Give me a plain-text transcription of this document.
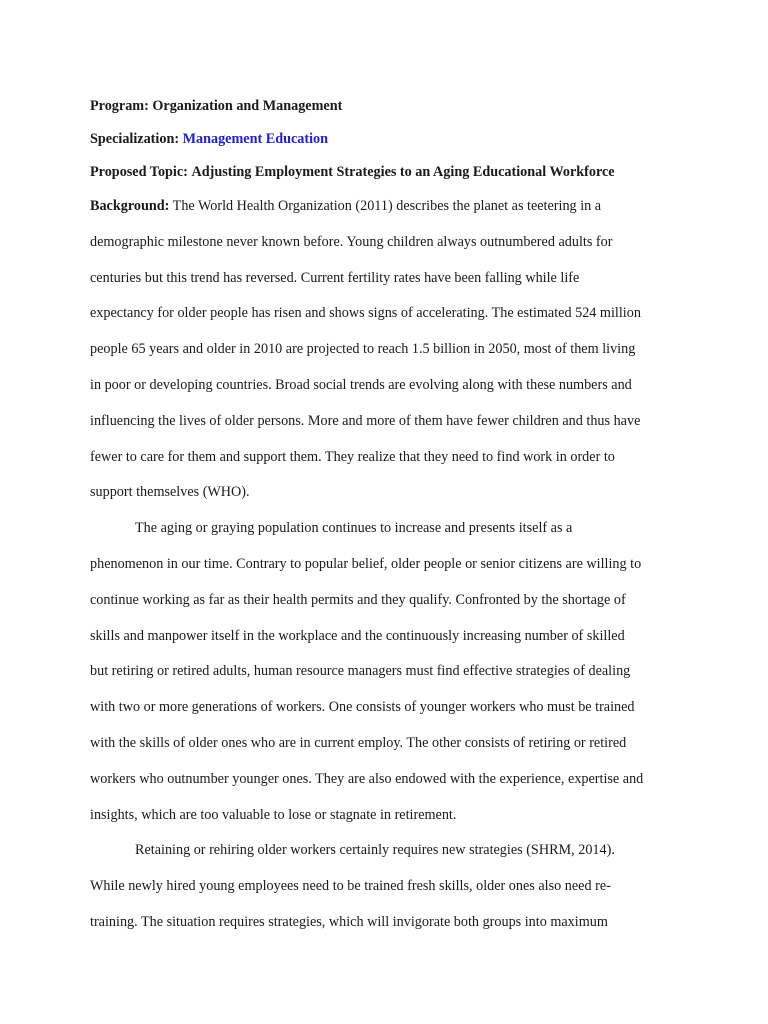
Program: Organization and Management

Specialization: Management Education

Proposed Topic: Adjusting Employment Strategies to an Aging Educational Workforce

Background: The World Health Organization (2011) describes the planet as teetering in a
demographic milestone never known before. Young children always outnumbered adults for
centuries but this trend has reversed. Current fertility rates have been falling while life
expectancy for older people has risen and shows signs of accelerating. The estimated 524 million
people 65 years and older in 2010 are projected to reach 1.5 billion in 2050, most of them living
in poor or developing countries. Broad social trends are evolving along with these numbers and
influencing the lives of older persons. More and more of them have fewer children and thus have
fewer to care for them and support them. They realize that they need to find work in order to
support themselves (WHO).
The aging or graying population continues to increase and presents itself as a
phenomenon in our time. Contrary to popular belief, older people or senior citizens are willing to
continue working as far as their health permits and they qualify. Confronted by the shortage of
skills and manpower itself in the workplace and the continuously increasing number of skilled
but retiring or retired adults, human resource managers must find effective strategies of dealing
with two or more generations of workers. One consists of younger workers who must be trained
with the skills of older ones who are in current employ. The other consists of retiring or retired
workers who outnumber younger ones. They are also endowed with the experience, expertise and
insights, which are too valuable to lose or stagnate in retirement.
Retaining or rehiring older workers certainly requires new strategies (SHRM, 2014).
While newly hired young employees need to be trained fresh skills, older ones also need re-
training. The situation requires strategies, which will invigorate both groups into maximum
